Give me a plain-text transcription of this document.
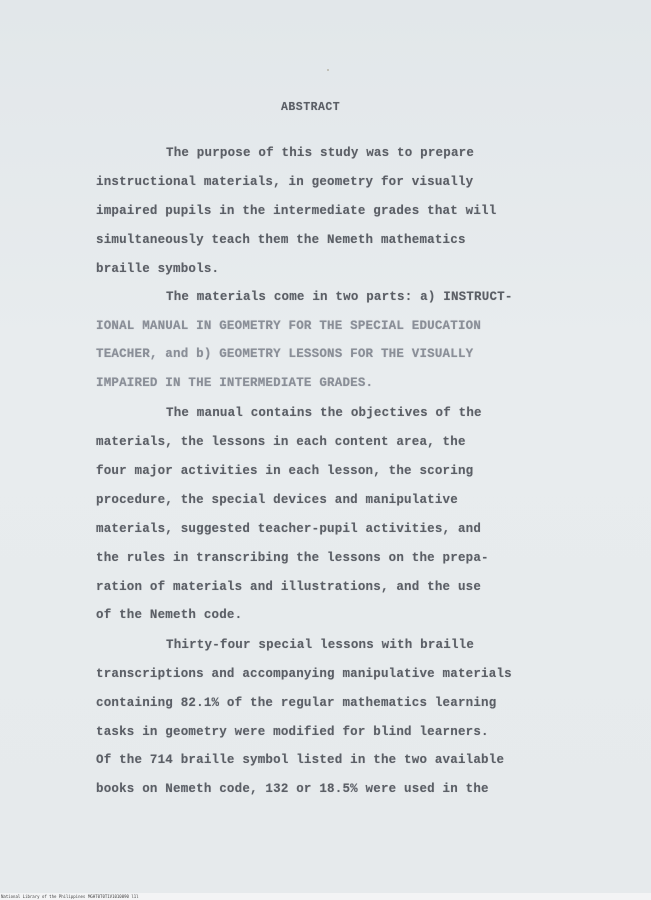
ABSTRACT

The purpose of this study was to prepare

instructional materials, in geometry for visually

impaired pupils in the intermediate grades that will

simultaneously teach them the Nemeth mathematics

braille symbols.

The materials come in two parts: a) INSTRUCT-

IONAL MANUAL IN GEOMETRY FOR THE SPECIAL EDUCATION

TEACHER, and b) GEOMETRY LESSONS FOR THE VISUALLY

IMPAIRED IN THE INTERMEDIATE GRADES.

The manual contains the objectives of the

materials, the lessons in each content area, the

four major activities in each lesson, the scoring

procedure, the special devices and manipulative

materials, suggested teacher-pupil activities, and

the rules in transcribing the lessons on the prepa-

ration of materials and illustrations, and the use

of the Nemeth code.

Thirty-four special lessons with braille

transcriptions and accompanying manipulative materials

containing 82.1% of the regular mathematics learning

tasks in geometry were modified for blind learners.

Of the 714 braille symbol listed in the two available

books on Nemeth code, 132 or 18.5% were used in the

National Library of the Philippines MGHT0T0T1V1010090 l1l
